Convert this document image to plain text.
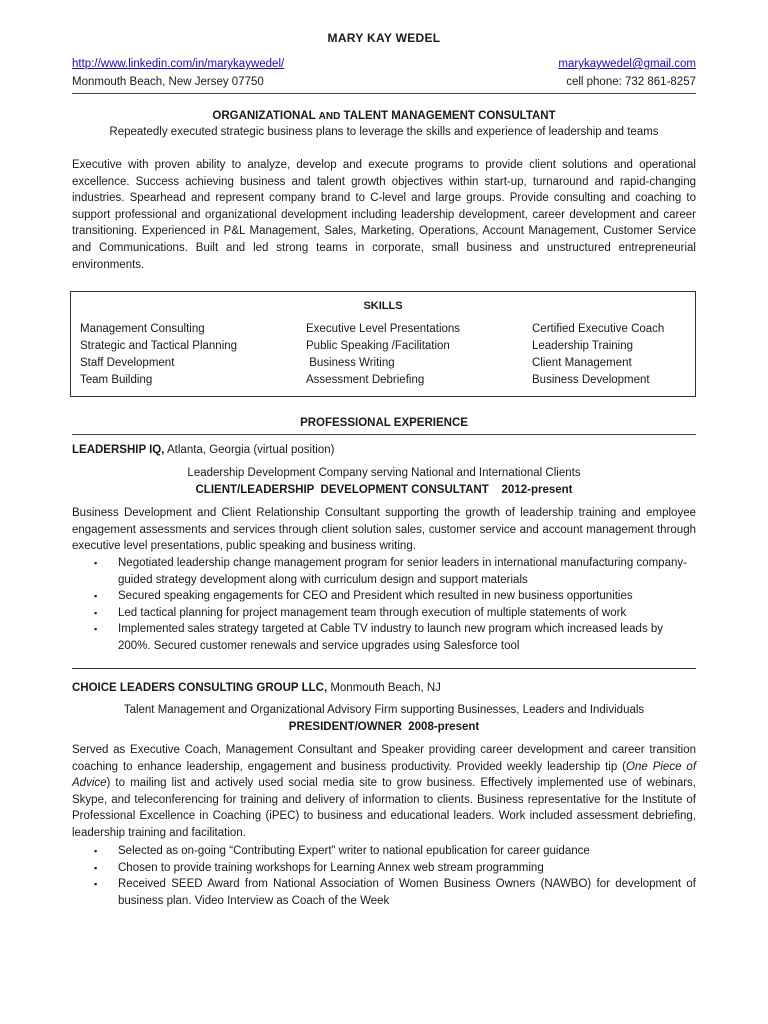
MARY KAY WEDEL
http://www.linkedin.com/in/marykaywedel/	marykaywedel@gmail.com
Monmouth Beach, New Jersey 07750	cell phone: 732 861-8257
ORGANIZATIONAL AND TALENT MANAGEMENT CONSULTANT
Repeatedly executed strategic business plans to leverage the skills and experience of leadership and teams
Executive with proven ability to analyze, develop and execute programs to provide client solutions and operational excellence. Success achieving business and talent growth objectives within start-up, turnaround and rapid-changing industries. Spearhead and represent company brand to C-level and large groups. Provide consulting and coaching to support professional and organizational development including leadership development, career development and career transitioning. Experienced in P&L Management, Sales, Marketing, Operations, Account Management, Customer Service and Communications. Built and led strong teams in corporate, small business and unstructured entrepreneurial environments.
SKILLS
Management Consulting
Strategic and Tactical Planning
Staff Development
Team Building
Executive Level Presentations
Public Speaking /Facilitation
Business Writing
Assessment Debriefing
Certified Executive Coach
Leadership Training
Client Management
Business Development
PROFESSIONAL EXPERIENCE
LEADERSHIP IQ, Atlanta, Georgia (virtual position)
Leadership Development Company serving National and International Clients
CLIENT/LEADERSHIP  DEVELOPMENT CONSULTANT    2012-present
Business Development and Client Relationship Consultant supporting the growth of leadership training and employee engagement assessments and services through client solution sales, customer service and account management through executive level presentations, public speaking and business writing.
▪ Negotiated leadership change management program for senior leaders in international manufacturing company- guided strategy development along with curriculum design and support materials
▪ Secured speaking engagements for CEO and President which resulted in new business opportunities
▪ Led tactical planning for project management team through execution of multiple statements of work
▪ Implemented sales strategy targeted at Cable TV industry to launch new program which increased leads by 200%. Secured customer renewals and service upgrades using Salesforce tool
CHOICE LEADERS CONSULTING GROUP LLC, Monmouth Beach, NJ
Talent Management and Organizational Advisory Firm supporting Businesses, Leaders and Individuals
PRESIDENT/OWNER  2008-present
Served as Executive Coach, Management Consultant and Speaker providing career development and career transition coaching to enhance leadership, engagement and business productivity. Provided weekly leadership tip (One Piece of Advice) to mailing list and actively used social media site to grow business. Effectively implemented use of webinars, Skype, and teleconferencing for training and delivery of information to clients. Business representative for the Institute of Professional Excellence in Coaching (iPEC) to business and educational leaders. Work included assessment debriefing, leadership training and facilitation.
▪ Selected as on-going “Contributing Expert” writer to national epublication for career guidance
▪ Chosen to provide training workshops for Learning Annex web stream programming
▪ Received SEED Award from National Association of Women Business Owners (NAWBO) for development of business plan. Video Interview as Coach of the Week
